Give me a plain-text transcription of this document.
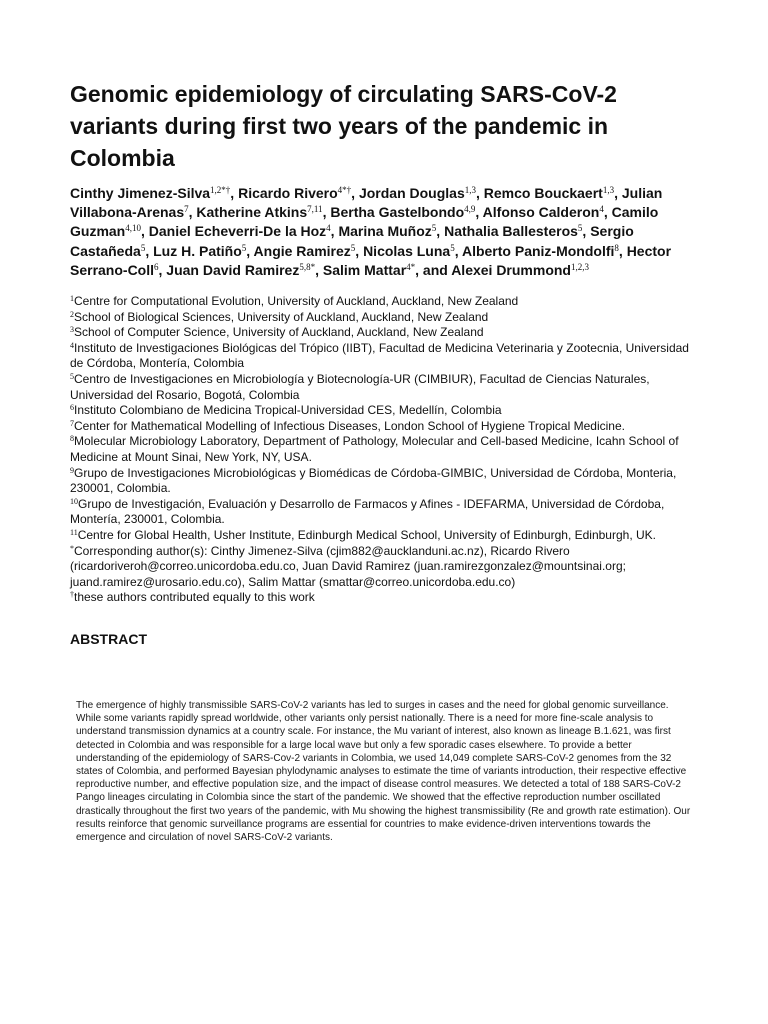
Genomic epidemiology of circulating SARS-CoV-2 variants during first two years of the pandemic in Colombia
Cinthy Jimenez-Silva$^{1,2*\dagger}$, Ricardo Rivero$^{4*\dagger}$, Jordan Douglas$^{1,3}$, Remco Bouckaert$^{1,3}$, Julian Villabona-Arenas$^7$, Katherine Atkins$^{7,11}$, Bertha Gastelbondo$^{4,9}$, Alfonso Calderon$^4$, Camilo Guzman$^{4,10}$, Daniel Echeverri-De la Hoz$^4$, Marina Muñoz$^5$, Nathalia Ballesteros$^5$, Sergio Castañeda$^5$, Luz H. Patiño$^5$, Angie Ramirez$^5$, Nicolas Luna$^5$, Alberto Paniz-Mondolfi$^8$, Hector Serrano-Coll$^6$, Juan David Ramirez$^{5,8*}$, Salim Mattar$^{4*}$, and Alexei Drummond$^{1,2,3}$

$^1$Centre for Computational Evolution, University of Auckland, Auckland, New Zealand

$^2$School of Biological Sciences, University of Auckland, Auckland, New Zealand

$^3$School of Computer Science, University of Auckland, Auckland, New Zealand

$^4$Instituto de Investigaciones Biológicas del Trópico (IIBT), Facultad de Medicina Veterinaria y Zootecnia, Universidad de Córdoba, Montería, Colombia

$^5$Centro de Investigaciones en Microbiología y Biotecnología-UR (CIMBIUR), Facultad de Ciencias Naturales, Universidad del Rosario, Bogotá, Colombia

$^6$Instituto Colombiano de Medicina Tropical-Universidad CES, Medellín, Colombia

$^7$Center for Mathematical Modelling of Infectious Diseases, London School of Hygiene Tropical Medicine.

$^8$Molecular Microbiology Laboratory, Department of Pathology, Molecular and Cell-based Medicine, Icahn School of Medicine at Mount Sinai, New York, NY, USA.

$^9$Grupo de Investigaciones Microbiológicas y Biomédicas de Córdoba-GIMBIC, Universidad de Córdoba, Monteria, 230001, Colombia.

$^{10}$Grupo de Investigación, Evaluación y Desarrollo de Farmacos y Afines - IDEFARMA, Universidad de Córdoba, Montería, 230001, Colombia.

$^{11}$Centre for Global Health, Usher Institute, Edinburgh Medical School, University of Edinburgh, Edinburgh, UK.

*Corresponding author(s): Cinthy Jimenez-Silva (cjim882@aucklanduni.ac.nz), Ricardo Rivero (ricardoriveroh@correo.unicordoba.edu.co, Juan David Ramirez (juan.ramirezgonzalez@mountsinai.org; juand.ramirez@urosario.edu.co), Salim Mattar (smattar@correo.unicordoba.edu.co)

†these authors contributed equally to this work

ABSTRACT
The emergence of highly transmissible SARS-CoV-2 variants has led to surges in cases and the need for global genomic surveillance. While some variants rapidly spread worldwide, other variants only persist nationally. There is a need for more fine-scale analysis to understand transmission dynamics at a country scale. For instance, the Mu variant of interest, also known as lineage B.1.621, was first detected in Colombia and was responsible for a large local wave but only a few sporadic cases elsewhere. To provide a better understanding of the epidemiology of SARS-Cov-2 variants in Colombia, we used 14,049 complete SARS-CoV-2 genomes from the 32 states of Colombia, and performed Bayesian phylodynamic analyses to estimate the time of variants introduction, their respective effective reproductive number, and effective population size, and the impact of disease control measures. We detected a total of 188 SARS-CoV-2 Pango lineages circulating in Colombia since the start of the pandemic. We showed that the effective reproduction number oscillated drastically throughout the first two years of the pandemic, with Mu showing the highest transmissibility (Re and growth rate estimation). Our results reinforce that genomic surveillance programs are essential for countries to make evidence-driven interventions towards the emergence and circulation of novel SARS-CoV-2 variants.
